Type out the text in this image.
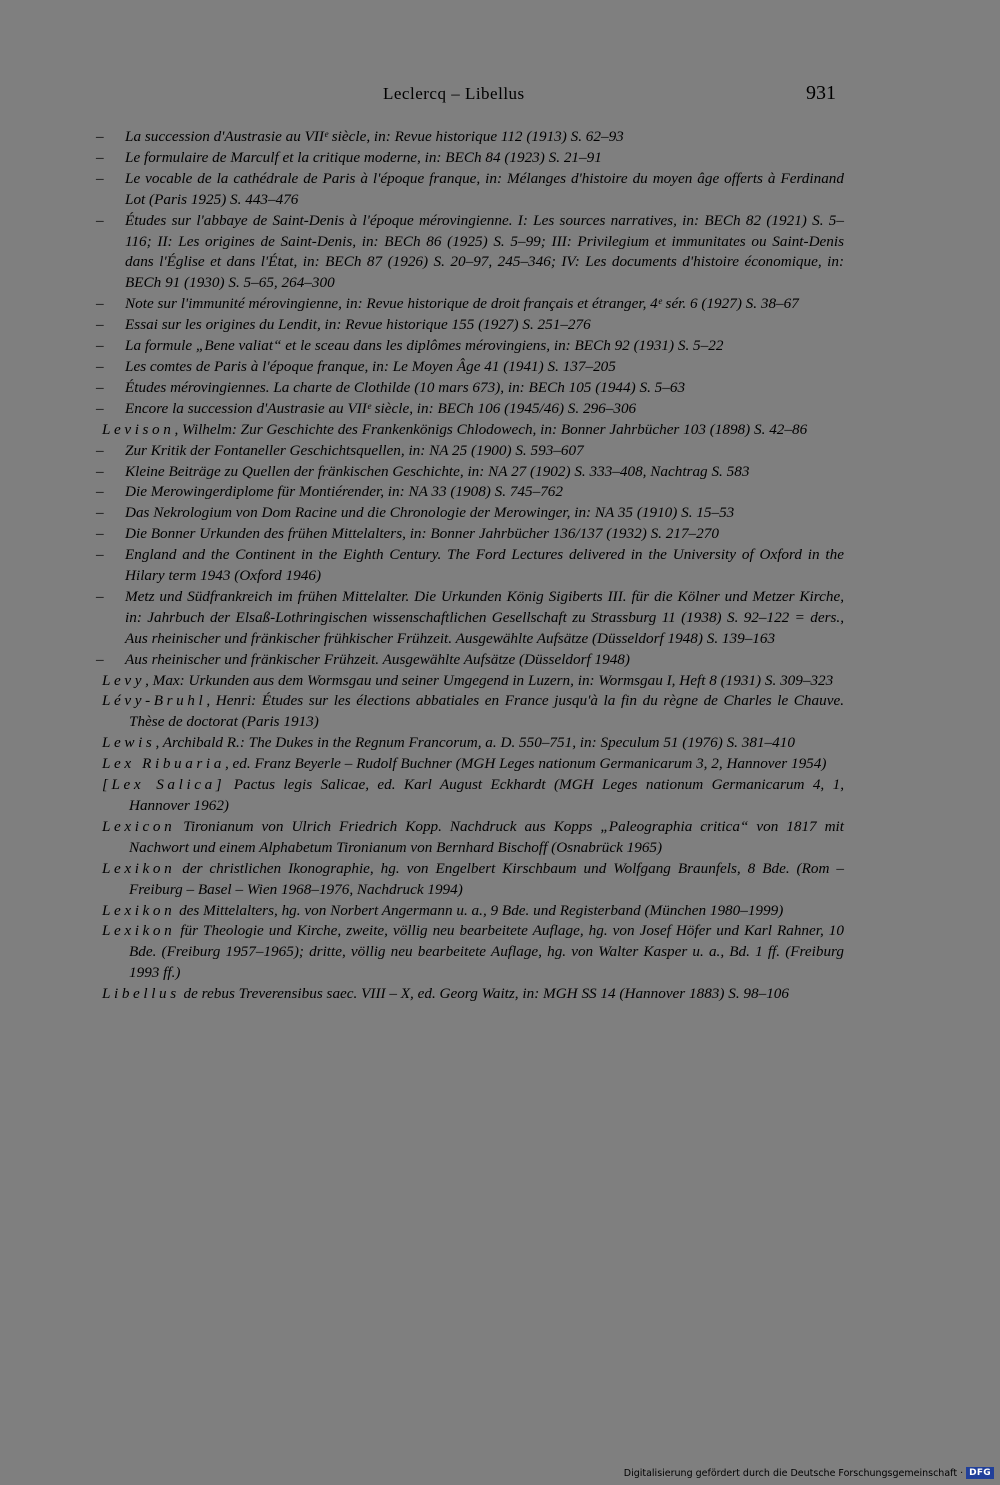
Leclercq – Libellus	931
– La succession d'Austrasie au VIIᵉ siècle, in: Revue historique 112 (1913) S. 62–93
– Le formulaire de Marculf et la critique moderne, in: BECh 84 (1923) S. 21–91
– Le vocable de la cathédrale de Paris à l'époque franque, in: Mélanges d'histoire du moyen âge offerts à Ferdinand Lot (Paris 1925) S. 443–476
– Études sur l'abbaye de Saint-Denis à l'époque mérovingienne. I: Les sources narratives, in: BECh 82 (1921) S. 5–116; II: Les origines de Saint-Denis, in: BECh 86 (1925) S. 5–99; III: Privilegium et immunitates ou Saint-Denis dans l'Église et dans l'État, in: BECh 87 (1926) S. 20–97, 245–346; IV: Les documents d'histoire économique, in: BECh 91 (1930) S. 5–65, 264–300
– Note sur l'immunité mérovingienne, in: Revue historique de droit français et étranger, 4ᵉ sér. 6 (1927) S. 38–67
– Essai sur les origines du Lendit, in: Revue historique 155 (1927) S. 251–276
– La formule „Bene valiat“ et le sceau dans les diplômes mérovingiens, in: BECh 92 (1931) S. 5–22
– Les comtes de Paris à l'époque franque, in: Le Moyen Âge 41 (1941) S. 137–205
– Études mérovingiennes. La charte de Clothilde (10 mars 673), in: BECh 105 (1944) S. 5–63
– Encore la succession d'Austrasie au VIIᵉ siècle, in: BECh 106 (1945/46) S. 296–306
Levison, Wilhelm: Zur Geschichte des Frankenkönigs Chlodowech, in: Bonner Jahrbücher 103 (1898) S. 42–86
– Zur Kritik der Fontaneller Geschichtsquellen, in: NA 25 (1900) S. 593–607
– Kleine Beiträge zu Quellen der fränkischen Geschichte, in: NA 27 (1902) S. 333–408, Nachtrag S. 583
– Die Merowingerdiplome für Montiérender, in: NA 33 (1908) S. 745–762
– Das Nekrologium von Dom Racine und die Chronologie der Merowinger, in: NA 35 (1910) S. 15–53
– Die Bonner Urkunden des frühen Mittelalters, in: Bonner Jahrbücher 136/137 (1932) S. 217–270
– England and the Continent in the Eighth Century. The Ford Lectures delivered in the University of Oxford in the Hilary term 1943 (Oxford 1946)
– Metz und Südfrankreich im frühen Mittelalter. Die Urkunden König Sigiberts III. für die Kölner und Metzer Kirche, in: Jahrbuch der Elsaß-Lothringischen wissenschaftlichen Gesellschaft zu Strassburg 11 (1938) S. 92–122 = ders., Aus rheinischer und fränkischer frühkischer Frühzeit. Ausgewählte Aufsätze (Düsseldorf 1948) S. 139–163
– Aus rheinischer und fränkischer Frühzeit. Ausgewählte Aufsätze (Düsseldorf 1948)
Levy, Max: Urkunden aus dem Wormsgau und seiner Umgegend in Luzern, in: Wormsgau I, Heft 8 (1931) S. 309–323
Lévy-Bruhl, Henri: Études sur les élections abbatiales en France jusqu'à la fin du règne de Charles le Chauve. Thèse de doctorat (Paris 1913)
Lewis, Archibald R.: The Dukes in the Regnum Francorum, a. D. 550–751, in: Speculum 51 (1976) S. 381–410
Lex Ribuaria, ed. Franz Beyerle – Rudolf Buchner (MGH Leges nationum Germanicarum 3, 2, Hannover 1954)
[Lex Salica] Pactus legis Salicae, ed. Karl August Eckhardt (MGH Leges nationum Germanicarum 4, 1, Hannover 1962)
Lexicon Tironianum von Ulrich Friedrich Kopp. Nachdruck aus Kopps „Paleographia critica“ von 1817 mit Nachwort und einem Alphabetum Tironianum von Bernhard Bischoff (Osnabrück 1965)
Lexikon der christlichen Ikonographie, hg. von Engelbert Kirschbaum und Wolfgang Braunfels, 8 Bde. (Rom – Freiburg – Basel – Wien 1968–1976, Nachdruck 1994)
Lexikon des Mittelalters, hg. von Norbert Angermann u. a., 9 Bde. und Registerband (München 1980–1999)
Lexikon für Theologie und Kirche, zweite, völlig neu bearbeitete Auflage, hg. von Josef Höfer und Karl Rahner, 10 Bde. (Freiburg 1957–1965); dritte, völlig neu bearbeitete Auflage, hg. von Walter Kasper u. a., Bd. 1 ff. (Freiburg 1993 ff.)
Libellus de rebus Treverensibus saec. VIII – X, ed. Georg Waitz, in: MGH SS 14 (Hannover 1883) S. 98–106
Digitalisierung gefördert durch die Deutsche Forschungsgemeinschaft · DFG
